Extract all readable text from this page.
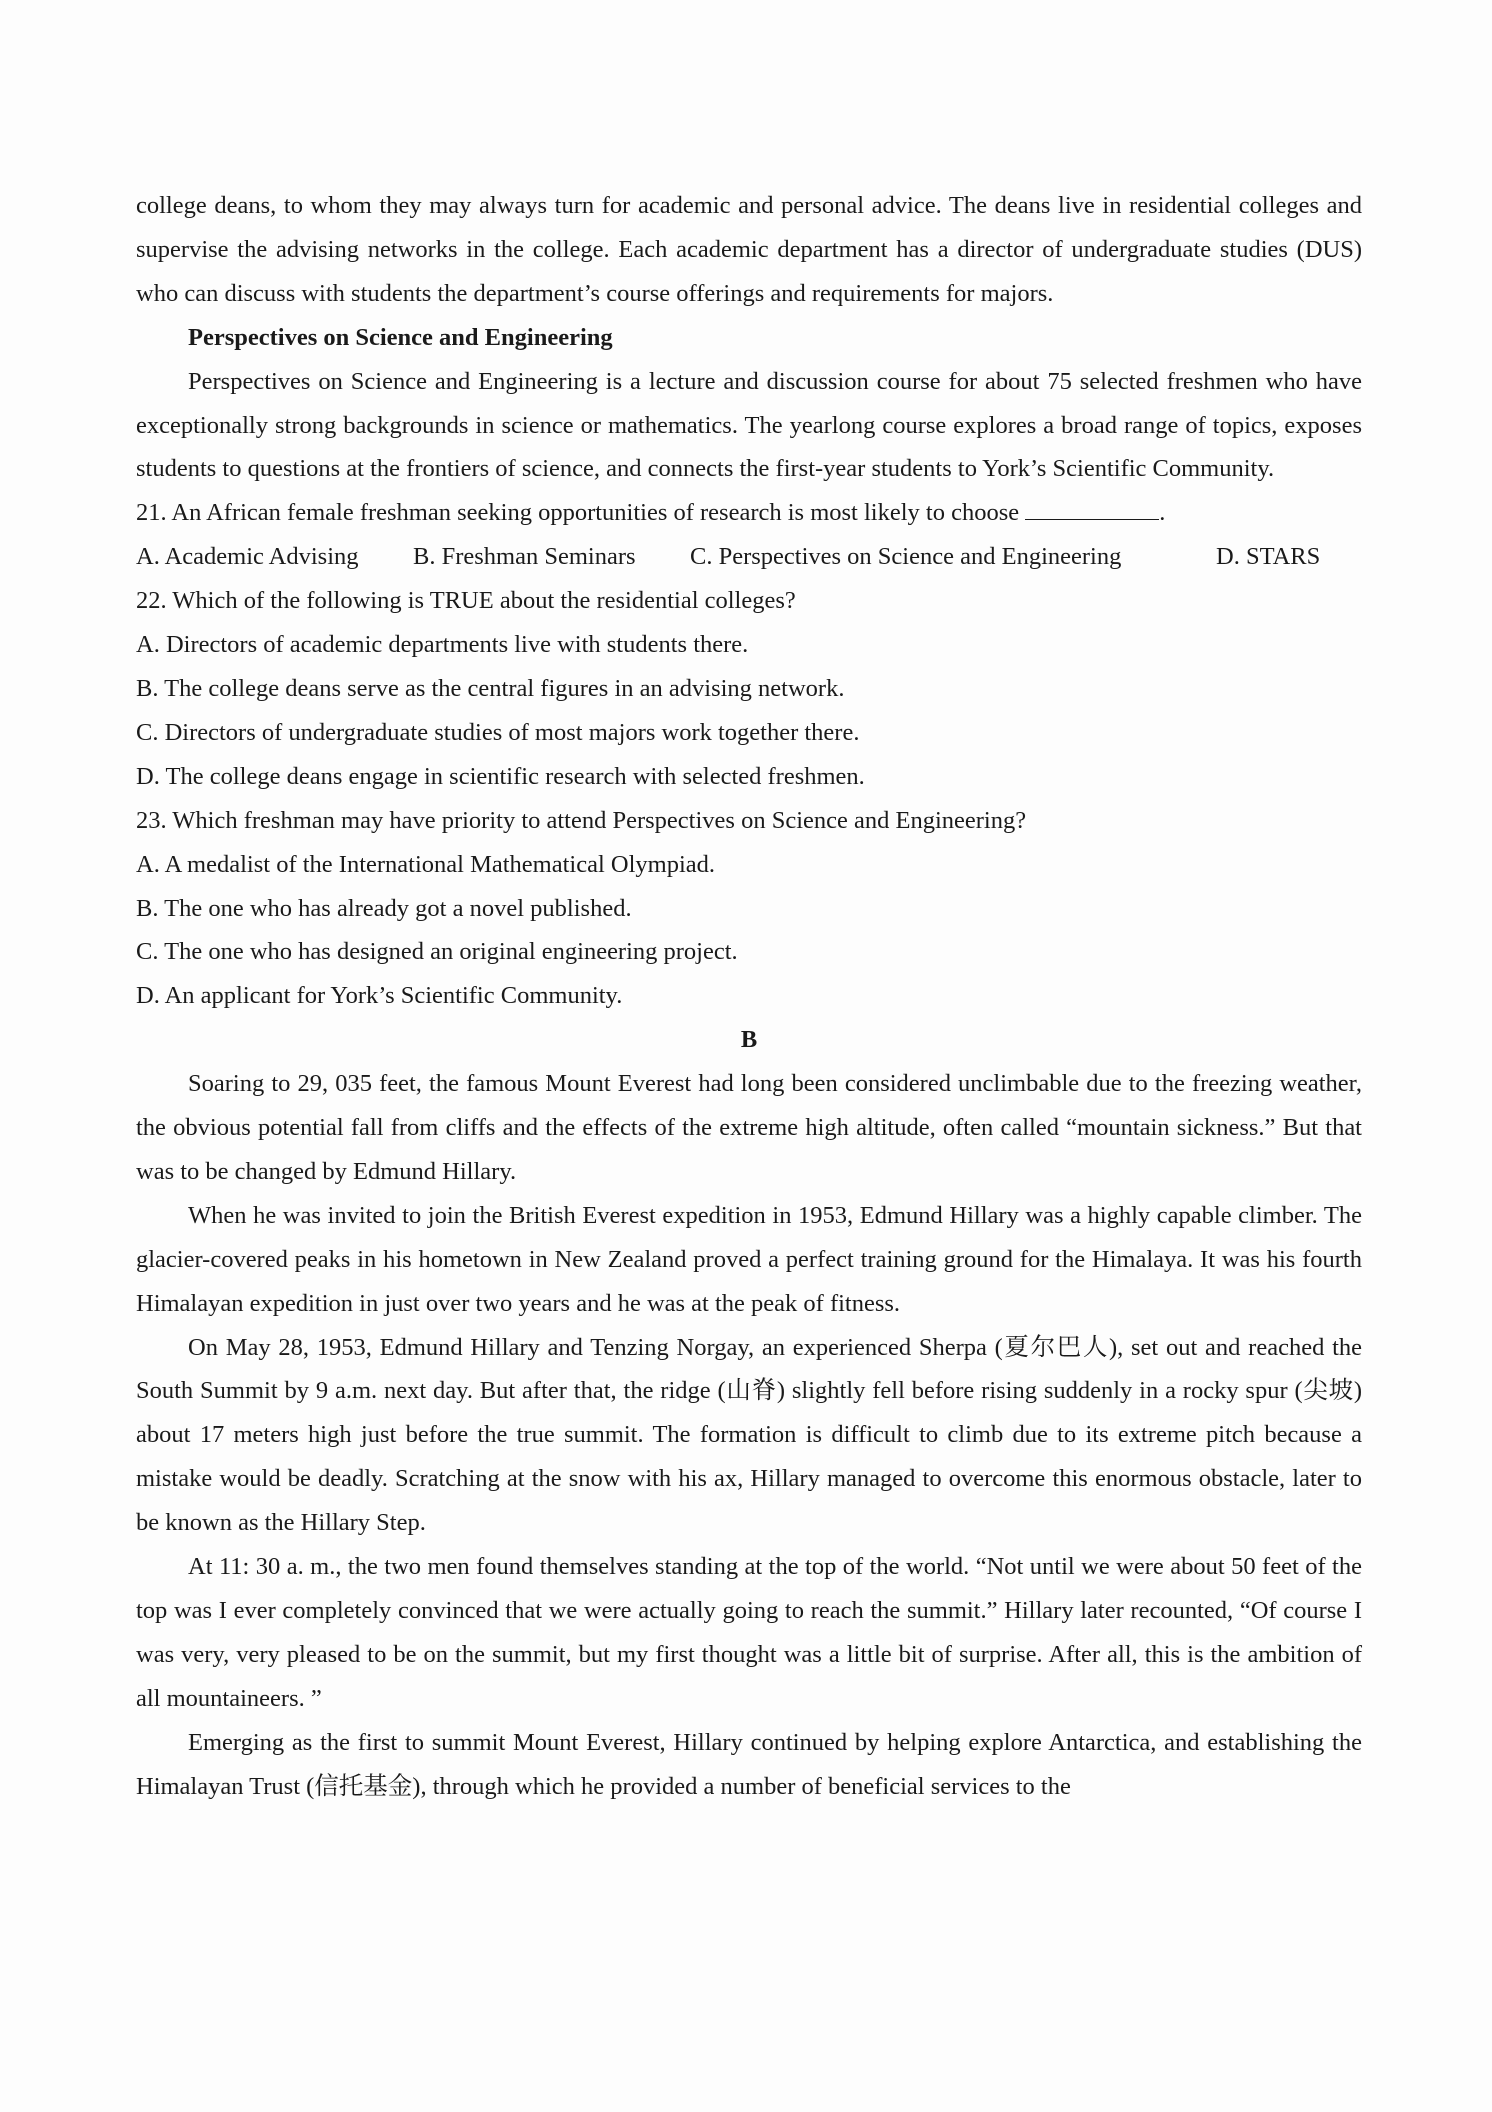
college deans, to whom they may always turn for academic and personal advice. The deans live in residential colleges and supervise the advising networks in the college. Each academic department has a director of undergraduate studies (DUS) who can discuss with students the department’s course offerings and requirements for majors.

Perspectives on Science and Engineering

Perspectives on Science and Engineering is a lecture and discussion course for about 75 selected freshmen who have exceptionally strong backgrounds in science or mathematics. The yearlong course explores a broad range of topics, exposes students to questions at the frontiers of science, and connects the first-year students to York’s Scientific Community.

21. An African female freshman seeking opportunities of research is most likely to choose	.

A. Academic Advising	B. Freshman Seminars	C. Perspectives on Science and Engineering	D. STARS

22. Which of the following is TRUE about the residential colleges?

A. Directors of academic departments live with students there.

B. The college deans serve as the central figures in an advising network.

C. Directors of undergraduate studies of most majors work together there.

D. The college deans engage in scientific research with selected freshmen.

23. Which freshman may have priority to attend Perspectives on Science and Engineering?

A. A medalist of the International Mathematical Olympiad.

B. The one who has already got a novel published.

C. The one who has designed an original engineering project.

D. An applicant for York’s Scientific Community.

B

Soaring to 29, 035 feet, the famous Mount Everest had long been considered unclimbable due to the freezing weather, the obvious potential fall from cliffs and the effects of the extreme high altitude, often called “mountain sickness.” But that was to be changed by Edmund Hillary.

When he was invited to join the British Everest expedition in 1953, Edmund Hillary was a highly capable climber. The glacier-covered peaks in his hometown in New Zealand proved a perfect training ground for the Himalaya. It was his fourth Himalayan expedition in just over two years and he was at the peak of fitness.

On May 28, 1953, Edmund Hillary and Tenzing Norgay, an experienced Sherpa (夏尔巴人), set out and reached the South Summit by 9 a.m. next day. But after that, the ridge (山脊) slightly fell before rising suddenly in a rocky spur (尖坡) about 17 meters high just before the true summit. The formation is difficult to climb due to its extreme pitch because a mistake would be deadly. Scratching at the snow with his ax, Hillary managed to overcome this enormous obstacle, later to be known as the Hillary Step.

At 11: 30 a. m., the two men found themselves standing at the top of the world. “Not until we were about 50 feet of the top was I ever completely convinced that we were actually going to reach the summit.” Hillary later recounted, “Of course I was very, very pleased to be on the summit, but my first thought was a little bit of surprise. After all, this is the ambition of all mountaineers. ”

Emerging as the first to summit Mount Everest, Hillary continued by helping explore Antarctica, and establishing the Himalayan Trust (信托基金), through which he provided a number of beneficial services to the
